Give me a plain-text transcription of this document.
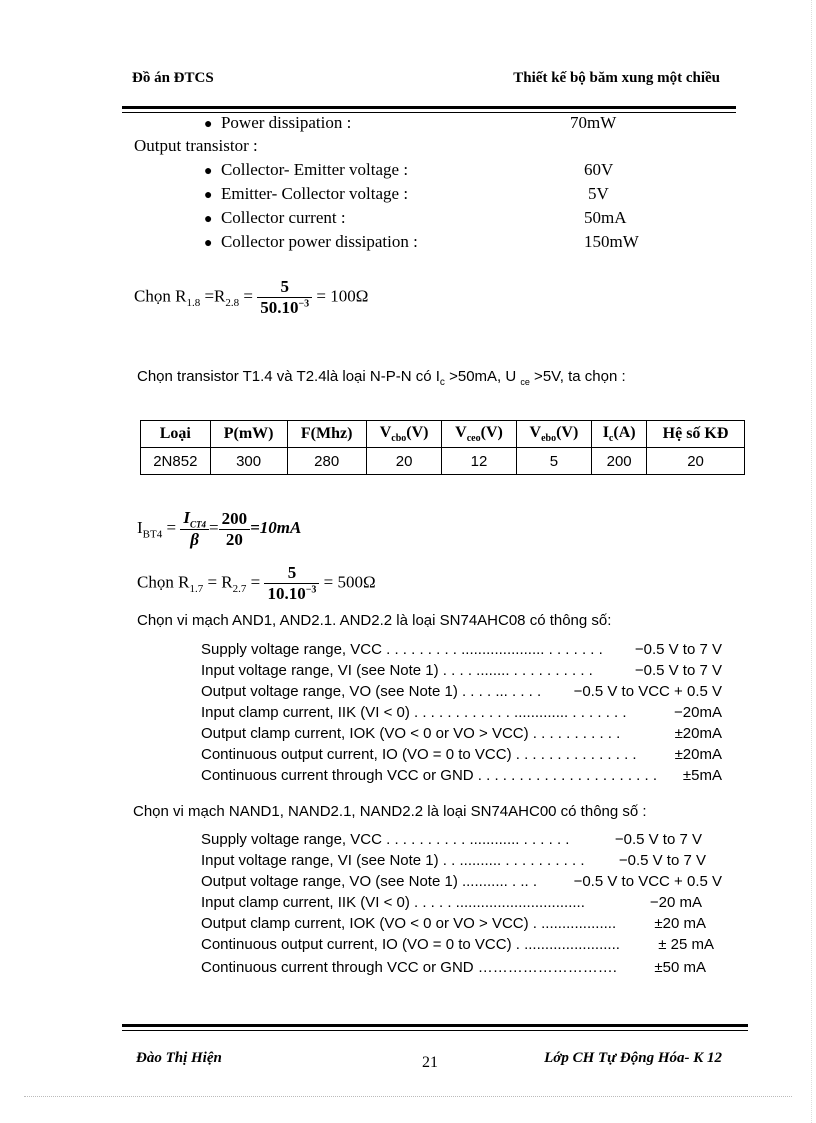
Đồ án ĐTCS	Thiết kế bộ băm xung một chiều
● Power dissipation :	70mW
Output transistor :
● Collector- Emitter voltage :	60V
● Emitter- Collector voltage :	5V
● Collector current :	50mA
● Collector power dissipation :	150mW
Chọn $R_{1.8} =R_{2.8} = \frac{5}{50.10^{-3}} = 100\Omega$
Chọn transistor T1.4 và T2.4là loại N-P-N có $I_c >50mA$, U $_{ce}$ >5V, ta chọn :
Loại	P(mW)	F(Mhz)	$V_{cbo}(V)$	$V_{ceo}(V)$	$V_{ebo}(V)$	$I_c(A)$	Hệ số KĐ
2N852	300	280	20	12	5	200	20
$I_{BT4} = \frac{I_{CT4}}{\beta} = \frac{200}{20} =10mA$
Chọn $R_{1.7} = R_{2.7} = \frac{5}{10.10^{-3}} = 500\Omega$
Chọn vi mạch AND1, AND2.1. AND2.2 là loại SN74AHC08 có thông số:
Supply voltage range, VCC . . . . . . . . . .................... . . . . . . . −0.5 V to 7 V
Input voltage range, VI (see Note 1) . . . . ........ . . . . . . . . . .	−0.5 V to 7 V
Output voltage range, VO (see Note 1) . . . . ... . . . . −0.5 V to VCC + 0.5 V
Input clamp current, IIK (VI < 0) . . . . . . . . . . . . ............. . . . . . . .	−20mA
Output clamp current, IOK (VO < 0 or VO > VCC) . . . . . . . . . . .	±20mA
Continuous output current, IO (VO = 0 to VCC) . . . . . . . . . . . . . . .	±20mA
Continuous current through VCC or GND . . . . . . . . . . . . . . . . . . . . . . ±5mA
Chọn vi mạch NAND1, NAND2.1, NAND2.2 là loại SN74AHC00 có thông số :
Supply voltage range, VCC . . . . . . . . . . ............ . . . . . .	−0.5 V to 7 V
Input voltage range, VI (see Note 1) . . .......... . . . . . . . . . . −0.5 V to 7 V
Output voltage range, VO (see Note 1) ........... . .. . −0.5 V to VCC + 0.5 V
Input clamp current, IIK (VI < 0) . . . . . ...............................	−20 mA
Output clamp current, IOK (VO < 0 or VO > VCC) . ..................	±20 mA
Continuous output current, IO (VO = 0 to VCC) . .......................	± 25 mA
Continuous current through VCC or GND ………………………. ±50 mA
Đào Thị Hiện	21	Lớp CH Tự Động Hóa- K 12
